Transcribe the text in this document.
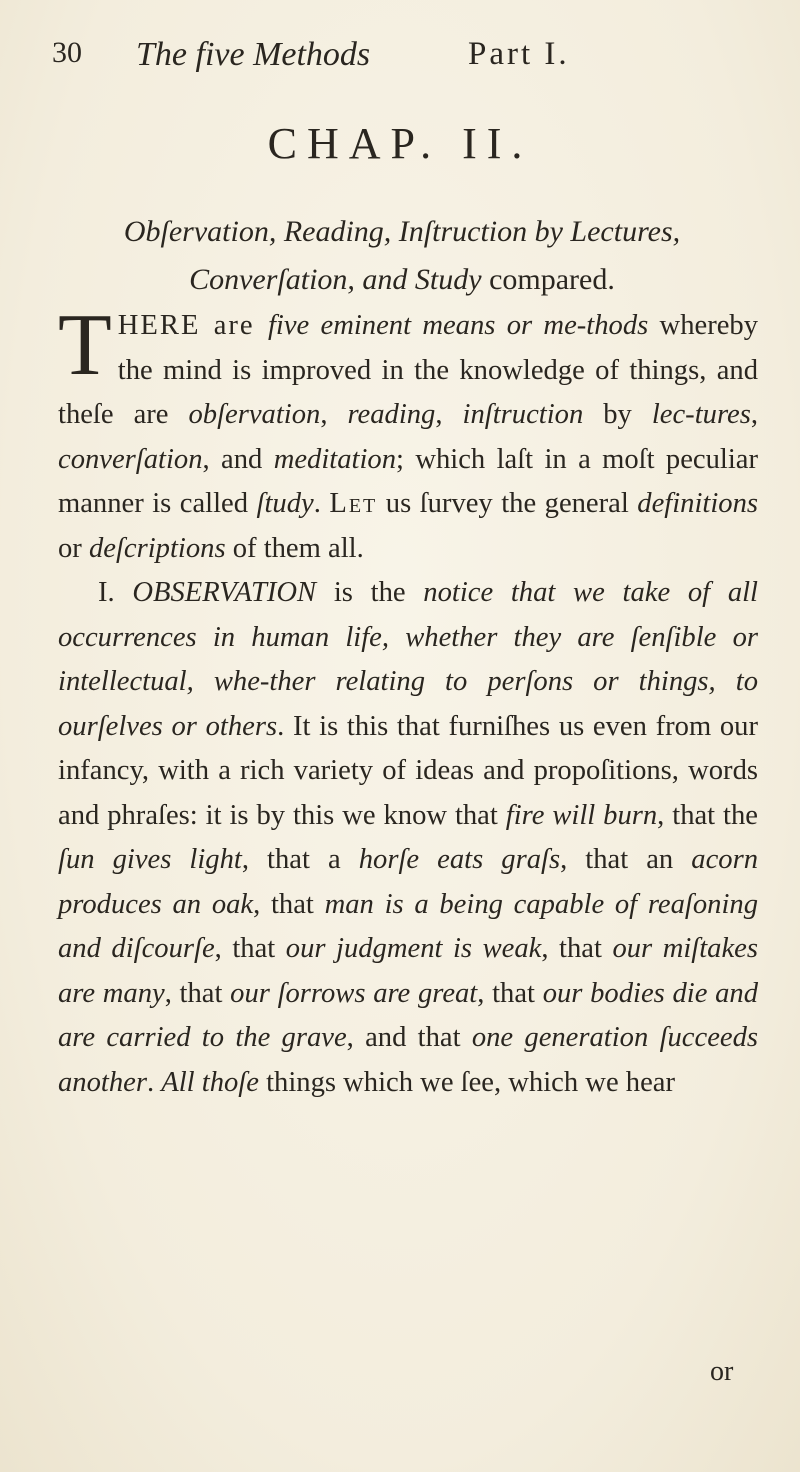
30 The five Methods	Part I.
CHAP. II.
Obſervation, Reading, Inſtruction by Lectures,
Converſation, and Study compared.

THERE are five eminent means or me-thods whereby the mind is improved in the knowledge of things, and theſe are obſervation, reading, inſtruction by lec-tures, converſation, and meditation; which laſt in a moſt peculiar manner is called ſtudy. Let us ſurvey the general definitions or deſcriptions of them all.

I. OBSERVATION is the notice that we take of all occurrences in human life, whether they are ſenſible or intellectual, whe-ther relating to perſons or things, to ourſelves or others. It is this that furniſhes us even from our infancy, with a rich variety of ideas and propoſitions, words and phraſes: it is by this we know that fire will burn, that the ſun gives light, that a horſe eats graſs, that an acorn produces an oak, that man is a being capable of reaſoning and diſcourſe, that our judgment is weak, that our miſtakes are many, that our ſorrows are great, that our bodies die and are carried to the grave, and that one generation ſucceeds another. All thoſe things which we ſee, which we hear

or
